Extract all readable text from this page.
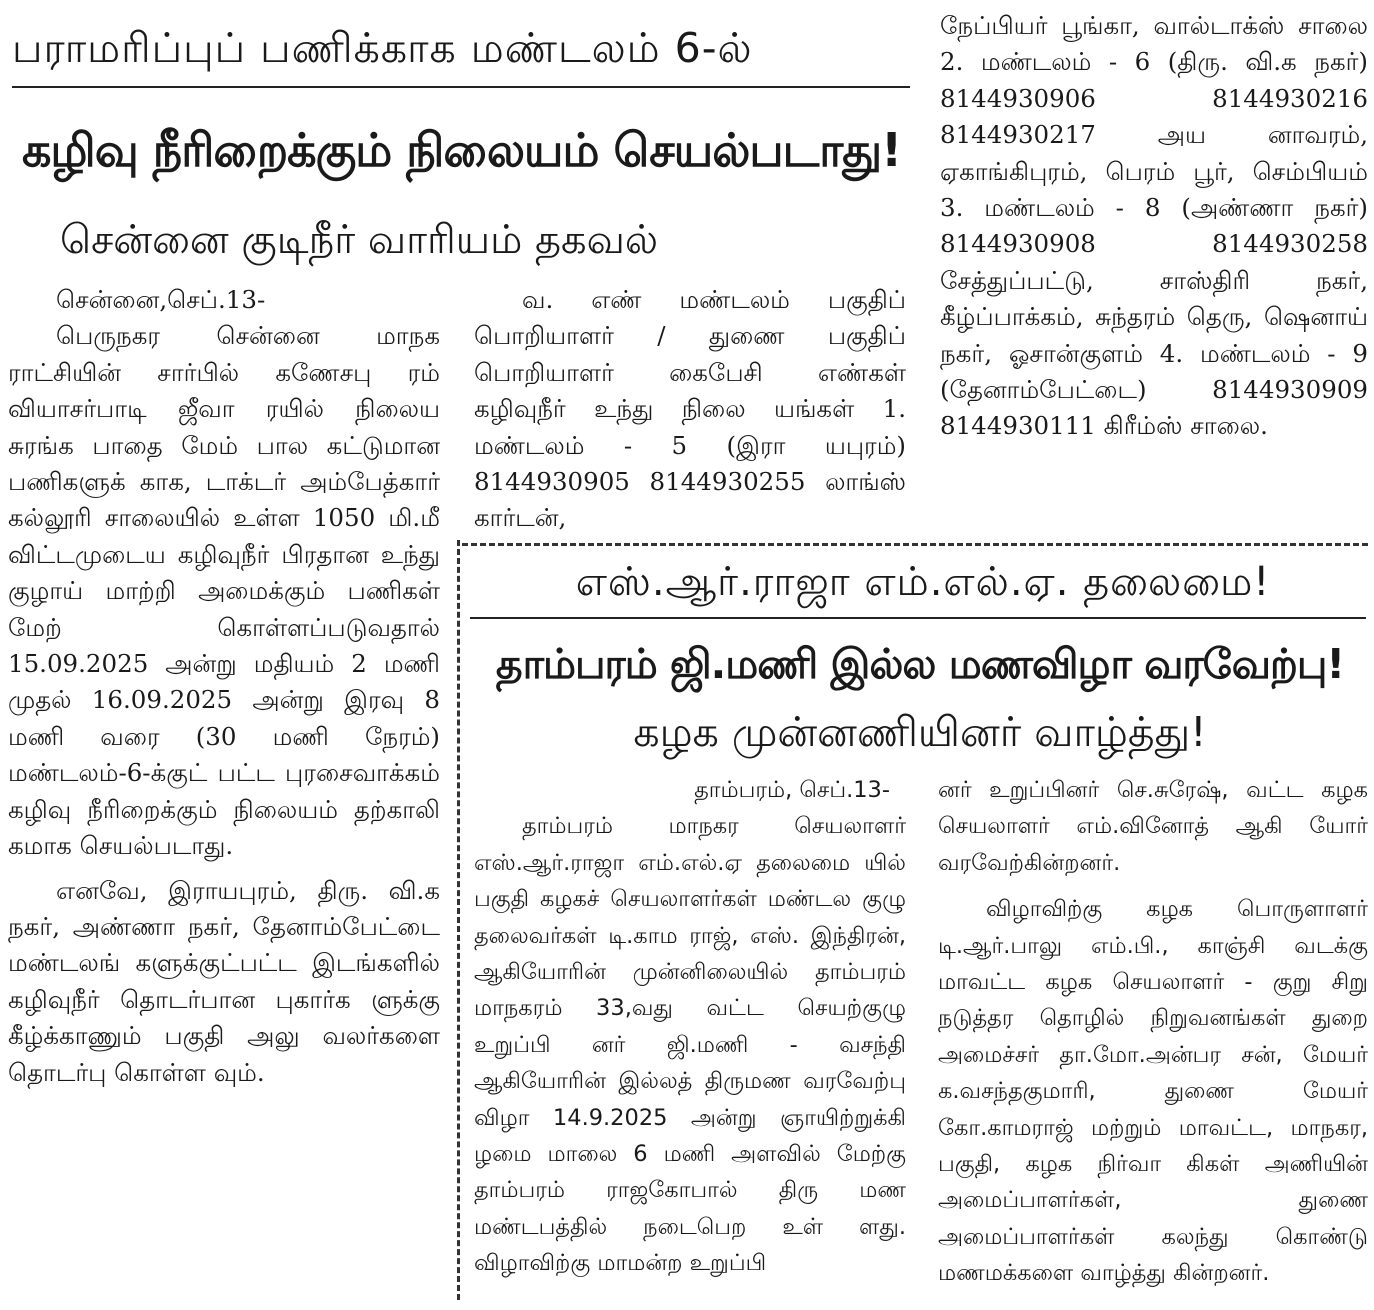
பராமரிப்புப் பணிக்காக மண்டலம் 6-ல்
கழிவு நீரிறைக்கும் நிலையம் செயல்படாது!
சென்னை குடிநீர் வாரியம் தகவல்

சென்னை,செப்.13-

பெருநகர சென்னை மாநக ராட்சியின் சார்பில் கணேசபு ரம் வியாசர்பாடி ஜீவா ரயில் நிலைய சுரங்க பாதை மேம் பால கட்டுமான பணிகளுக் காக, டாக்டர் அம்பேத்கார் கல்லூரி சாலையில் உள்ள 1050 மி.மீ விட்டமுடைய கழிவுநீர் பிரதான உந்து குழாய் மாற்றி அமைக்கும் பணிகள் மேற் கொள்ளப்படுவதால் 15.09.2025 அன்று மதியம் 2 மணி முதல் 16.09.2025 அன்று இரவு 8 மணி வரை (30 மணி நேரம்) மண்டலம்-6-க்குட் பட்ட புரசைவாக்கம் கழிவு நீரிறைக்கும் நிலையம் தற்காலி கமாக செயல்படாது.

எனவே, இராயபுரம், திரு. வி.க நகர், அண்ணா நகர், தேனாம்பேட்டை மண்டலங் களுக்குட்பட்ட இடங்களில் கழிவுநீர் தொடர்பான புகார்க ளுக்கு கீழ்க்காணும் பகுதி அலு வலர்களை தொடர்பு கொள்ள வும்.

வ. எண் மண்டலம் பகுதிப் பொறியாளர் / துணை பகுதிப் பொறியாளர் கைபேசி எண்கள் கழிவுநீர் உந்து நிலை யங்கள் 1. மண்டலம் - 5 (இரா யபுரம்) 8144930905 8144930255 லாங்ஸ் கார்டன்,

நேப்பியர் பூங்கா, வால்டாக்ஸ் சாலை 2. மண்டலம் - 6 (திரு. வி.க நகர்) 8144930906 8144930216 8144930217 அய னாவரம், ஏகாங்கிபுரம், பெரம் பூர், செம்பியம் 3. மண்டலம் - 8 (அண்ணா நகர்) 8144930908 8144930258 சேத்துப்பட்டு, சாஸ்திரி நகர், கீழ்ப்பாக்கம், சுந்தரம் தெரு, ஷெனாய் நகர், ஓசான்குளம் 4. மண்டலம் - 9 (தேனாம்பேட்டை) 8144930909 8144930111 கிரீம்ஸ் சாலை.

எஸ்.ஆர்.ராஜா எம்.எல்.ஏ. தலைமை!
தாம்பரம் ஜி.மணி இல்ல மணவிழா வரவேற்பு!
கழக முன்னணியினர் வாழ்த்து!

தாம்பரம், செப்.13-

தாம்பரம் மாநகர செயலாளர் எஸ்.ஆர்.ராஜா எம்.எல்.ஏ தலைமை யில் பகுதி கழகச் செயலாளர்கள் மண்டல குழு தலைவர்கள் டி.காம ராஜ், எஸ். இந்திரன், ஆகியோரின் முன்னிலையில் தாம்பரம் மாநகரம் 33,வது வட்ட செயற்குழு உறுப்பி னர் ஜி.மணி - வசந்தி ஆகியோரின் இல்லத் திருமண வரவேற்பு விழா 14.9.2025 அன்று ஞாயிற்றுக்கி ழமை மாலை 6 மணி அளவில் மேற்கு தாம்பரம் ராஜகோபால் திரு மண மண்டபத்தில் நடைபெற உள் ளது. விழாவிற்கு மாமன்ற உறுப்பி

னர் உறுப்பினர் செ.சுரேஷ், வட்ட கழக செயலாளர் எம்.வினோத் ஆகி யோர் வரவேற்கின்றனர்.

விழாவிற்கு கழக பொருளாளர் டி.ஆர்.பாலு எம்.பி., காஞ்சி வடக்கு மாவட்ட கழக செயலாளர் - குறு சிறு நடுத்தர தொழில் நிறுவனங்கள் துறை அமைச்சர் தா.மோ.அன்பர சன், மேயர் க.வசந்தகுமாரி, துணை மேயர் கோ.காமராஜ் மற்றும் மாவட்ட, மாநகர, பகுதி, கழக நிர்வா கிகள் அணியின் அமைப்பாளர்கள், துணை அமைப்பாளர்கள் கலந்து கொண்டு மணமக்களை வாழ்த்து கின்றனர்.
